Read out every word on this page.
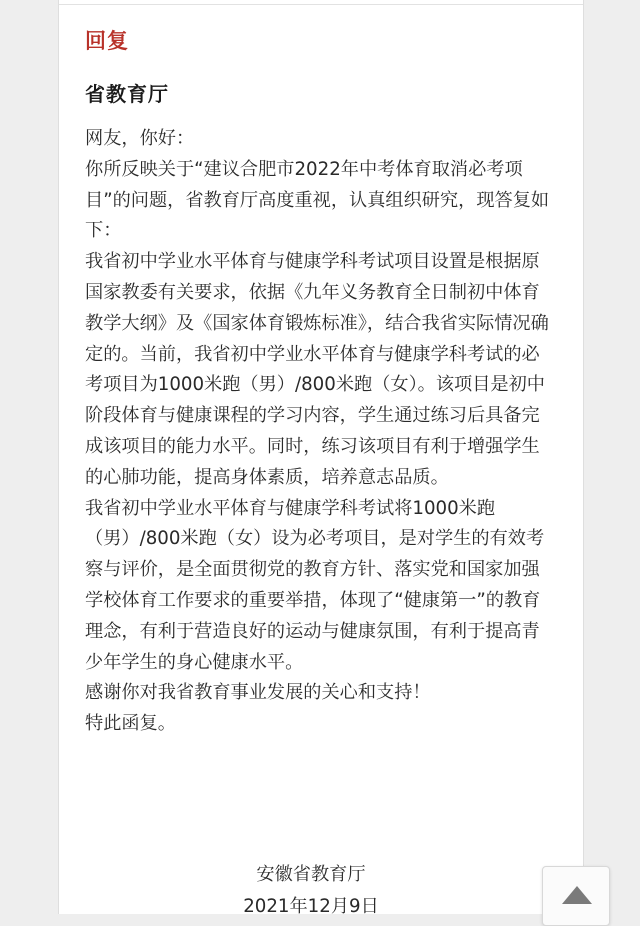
回复
省教育厅

网友，你好：

你所反映关于“建议合肥市2022年中考体育取消必考项目”的问题，省教育厅高度重视，认真组织研究，现答复如下：

我省初中学业水平体育与健康学科考试项目设置是根据原国家教委有关要求，依据《九年义务教育全日制初中体育教学大纲》及《国家体育锻炼标准》，结合我省实际情况确定的。当前，我省初中学业水平体育与健康学科考试的必考项目为1000米跑（男）/800米跑（女）。该项目是初中阶段体育与健康课程的学习内容，学生通过练习后具备完成该项目的能力水平。同时，练习该项目有利于增强学生的心肺功能，提高身体素质，培养意志品质。

我省初中学业水平体育与健康学科考试将1000米跑（男）/800米跑（女）设为必考项目，是对学生的有效考察与评价，是全面贯彻党的教育方针、落实党和国家加强学校体育工作要求的重要举措，体现了“健康第一”的教育理念，有利于营造良好的运动与健康氛围，有利于提高青少年学生的身心健康水平。

感谢你对我省教育事业发展的关心和支持！

特此函复。

安徽省教育厅
2021年12月9日
